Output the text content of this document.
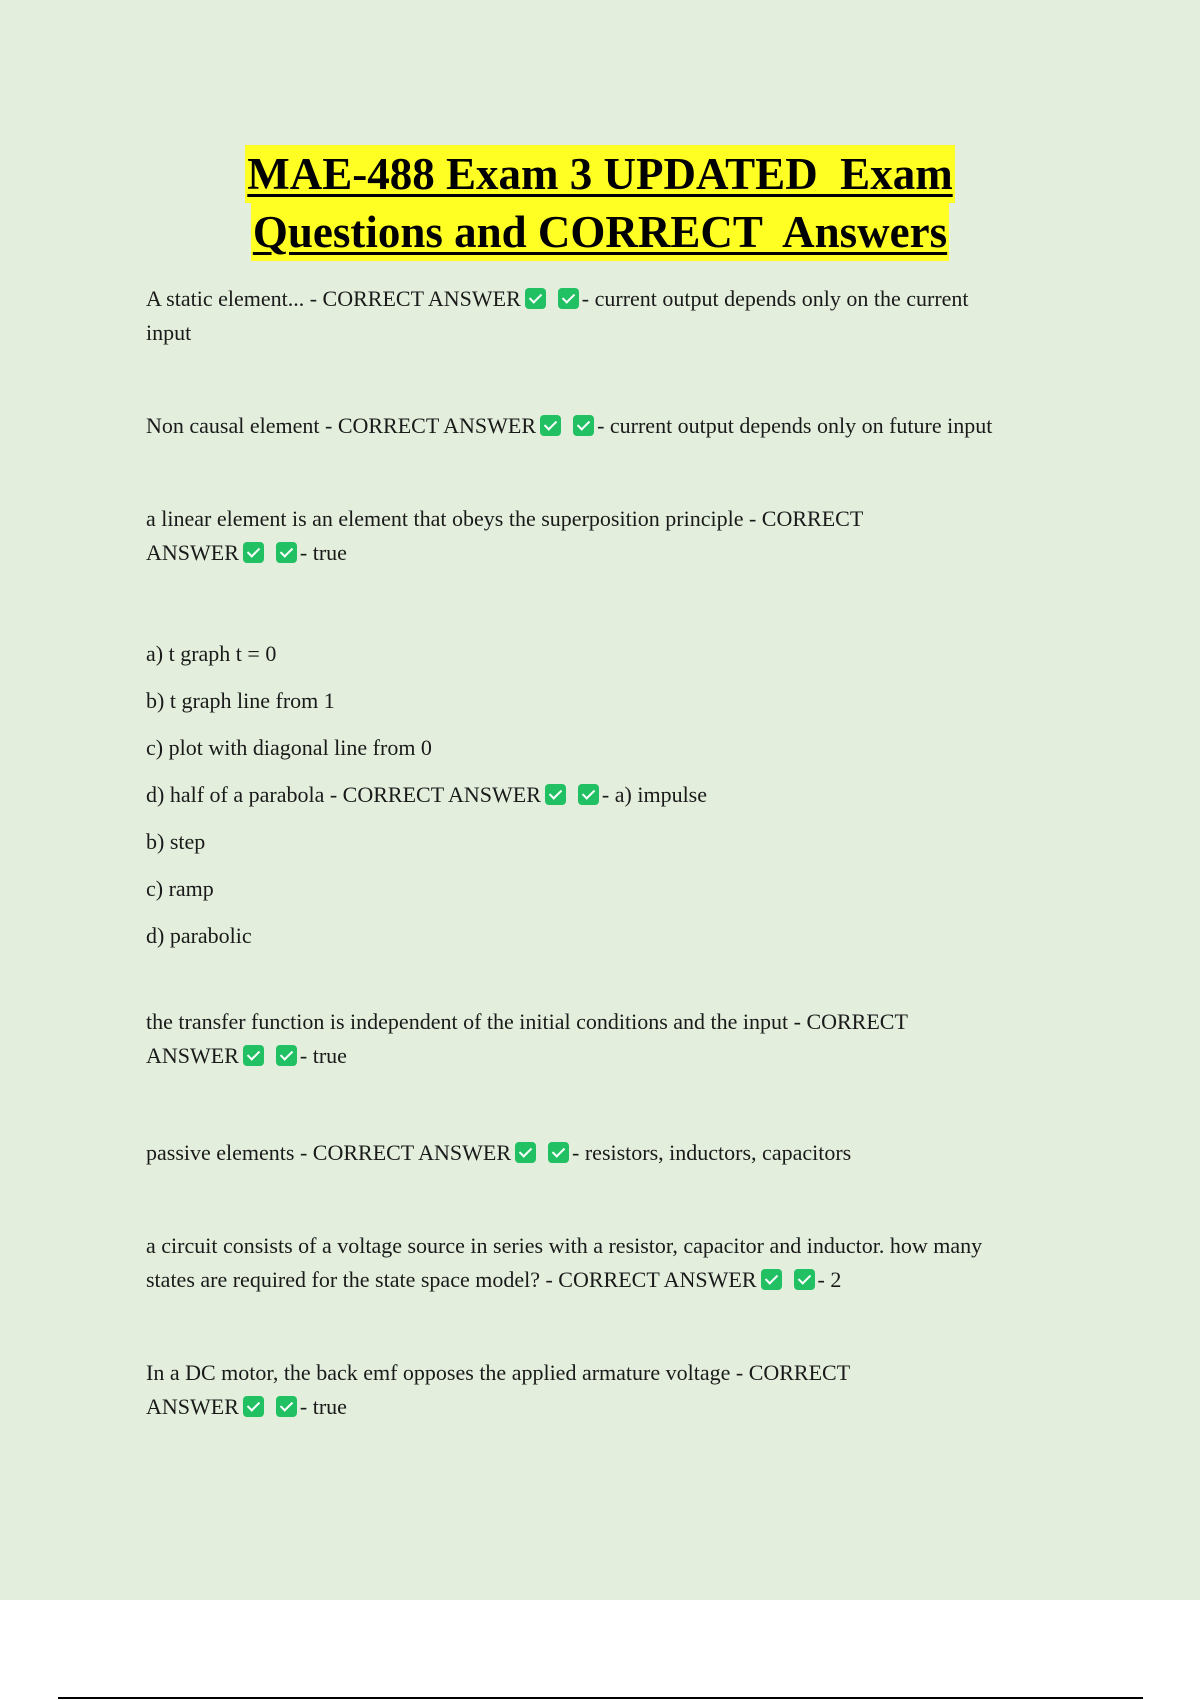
MAE-488 Exam 3 UPDATED  Exam
Questions and CORRECT  Answers
A static element... - CORRECT ANSWER	- current output depends only on the current
input
Non causal element - CORRECT ANSWER	- current output depends only on future input
a linear element is an element that obeys the superposition principle - CORRECT
ANSWER	- true
a) t graph t = 0
b) t graph line from 1
c) plot with diagonal line from 0
d) half of a parabola - CORRECT ANSWER	- a) impulse
b) step
c) ramp
d) parabolic
the transfer function is independent of the initial conditions and the input - CORRECT
ANSWER	- true
passive elements - CORRECT ANSWER	- resistors, inductors, capacitors
a circuit consists of a voltage source in series with a resistor, capacitor and inductor. how many
states are required for the state space model? - CORRECT ANSWER	- 2
In a DC motor, the back emf opposes the applied armature voltage - CORRECT
ANSWER	- true
